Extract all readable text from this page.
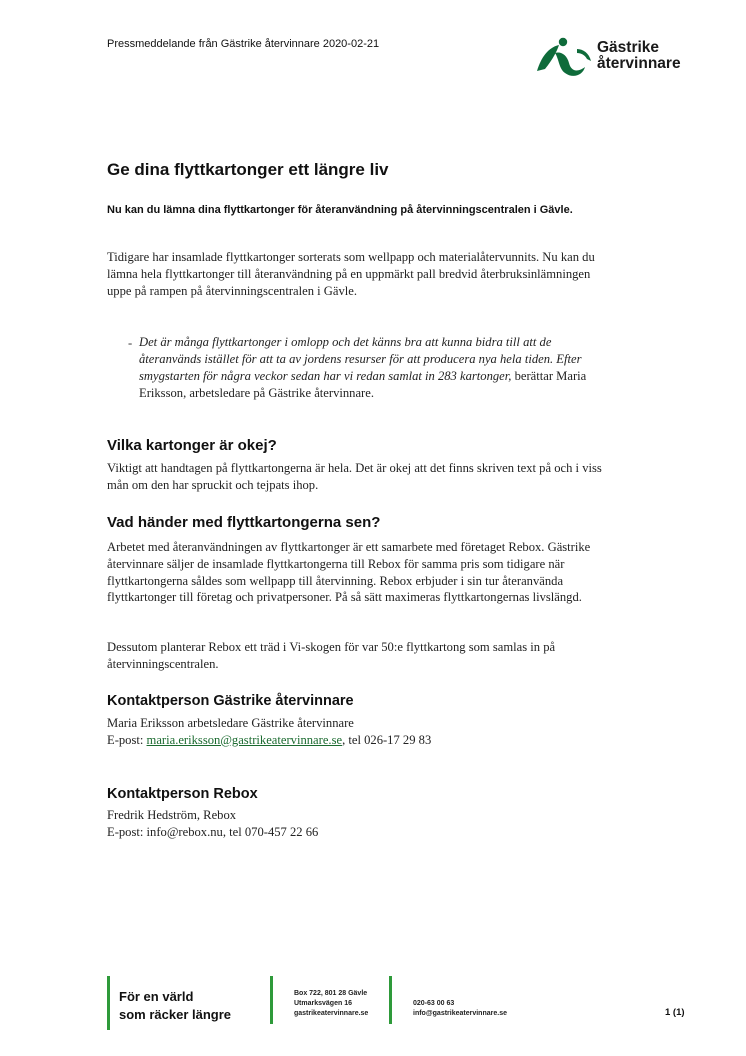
Pressmeddelande från Gästrike återvinnare 2020-02-21	Gästrike
återvinnare
Ge dina flyttkartonger ett längre liv

Nu kan du lämna dina flyttkartonger för återanvändning på återvinningscentralen i Gävle.

Tidigare har insamlade flyttkartonger sorterats som wellpapp och materialåtervunnits. Nu kan du lämna hela flyttkartonger till återanvändning på en uppmärkt pall bredvid återbruksinlämningen uppe på rampen på återvinningscentralen i Gävle.

- Det är många flyttkartonger i omlopp och det känns bra att kunna bidra till att de återanvänds istället för att ta av jordens resurser för att producera nya hela tiden. Efter smygstarten för några veckor sedan har vi redan samlat in 283 kartonger, berättar Maria Eriksson, arbetsledare på Gästrike återvinnare.

Vilka kartonger är okej?

Viktigt att handtagen på flyttkartongerna är hela. Det är okej att det finns skriven text på och i viss mån om den har spruckit och tejpats ihop.

Vad händer med flyttkartongerna sen?

Arbetet med återanvändningen av flyttkartonger är ett samarbete med företaget Rebox. Gästrike återvinnare säljer de insamlade flyttkartongerna till Rebox för samma pris som tidigare när flyttkartongerna såldes som wellpapp till återvinning. Rebox erbjuder i sin tur återanvända flyttkartonger till företag och privatpersoner. På så sätt maximeras flyttkartongernas livslängd.

Dessutom planterar Rebox ett träd i Vi-skogen för var 50:e flyttkartong som samlas in på återvinningscentralen.

Kontaktperson Gästrike återvinnare
Maria Eriksson arbetsledare Gästrike återvinnare
E-post: maria.eriksson@gastrikeatervinnare.se, tel 026-17 29 83
Kontaktperson Rebox
Fredrik Hedström, Rebox
E-post: info@rebox.nu, tel 070-457 22 66
För en värld
som räcker längre
Box 722, 801 28 Gävle
Utmarksvägen 16
gastrikeatervinnare.se
020-63 00 63
info@gastrikeatervinnare.se	1 (1)
